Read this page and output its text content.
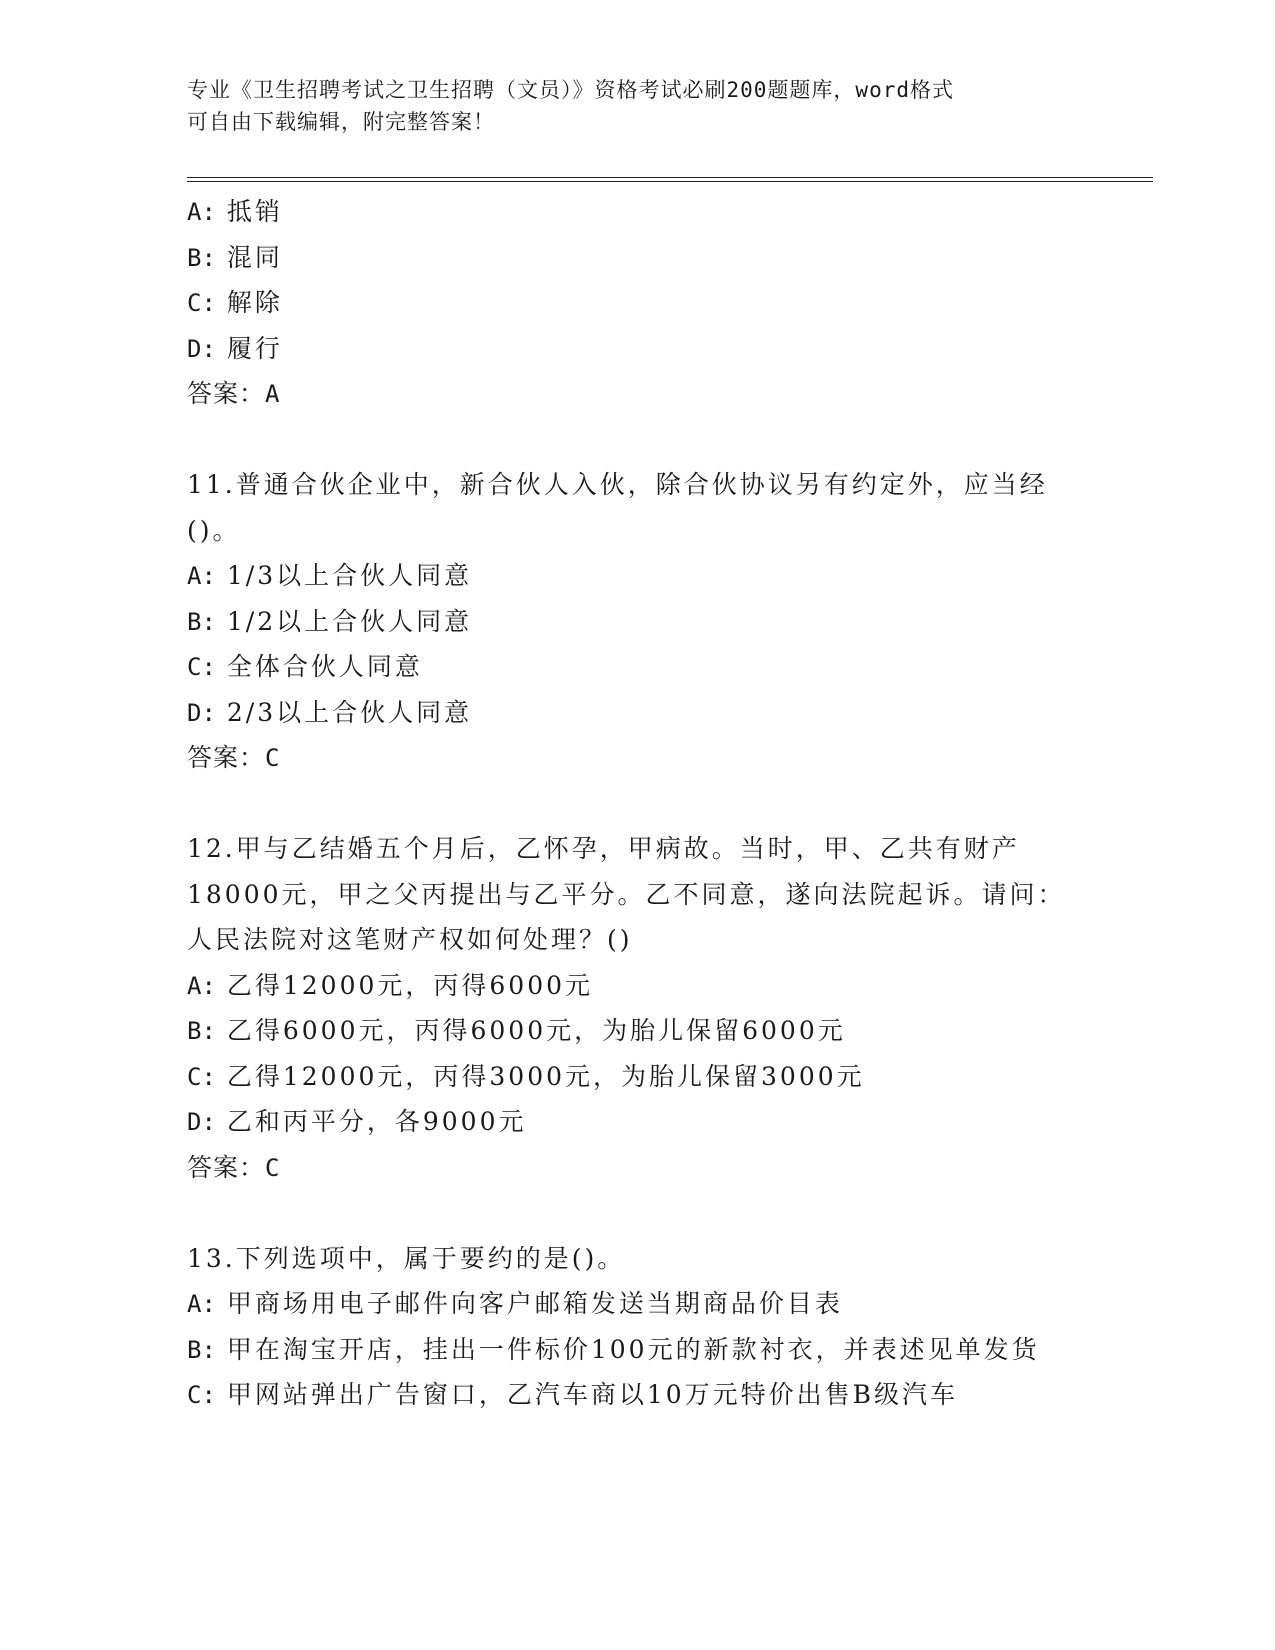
专业《卫生招聘考试之卫生招聘（文员）》资格考试必刷200题题库，word格式
可自由下载编辑，附完整答案！
A: 抵销
B: 混同
C: 解除
D: 履行
答案：A
11.普通合伙企业中，新合伙人入伙，除合伙协议另有约定外，应当经
()。
A: 1/3以上合伙人同意
B: 1/2以上合伙人同意
C: 全体合伙人同意
D: 2/3以上合伙人同意
答案：C
12.甲与乙结婚五个月后，乙怀孕，甲病故。当时，甲、乙共有财产
18000元，甲之父丙提出与乙平分。乙不同意，遂向法院起诉。请问：
人民法院对这笔财产权如何处理？()
A: 乙得12000元，丙得6000元
B: 乙得6000元，丙得6000元，为胎儿保留6000元
C: 乙得12000元，丙得3000元，为胎儿保留3000元
D: 乙和丙平分，各9000元
答案：C
13.下列选项中，属于要约的是()。
A: 甲商场用电子邮件向客户邮箱发送当期商品价目表
B: 甲在淘宝开店，挂出一件标价100元的新款衬衣，并表述见单发货
C: 甲网站弹出广告窗口，乙汽车商以10万元特价出售B级汽车
